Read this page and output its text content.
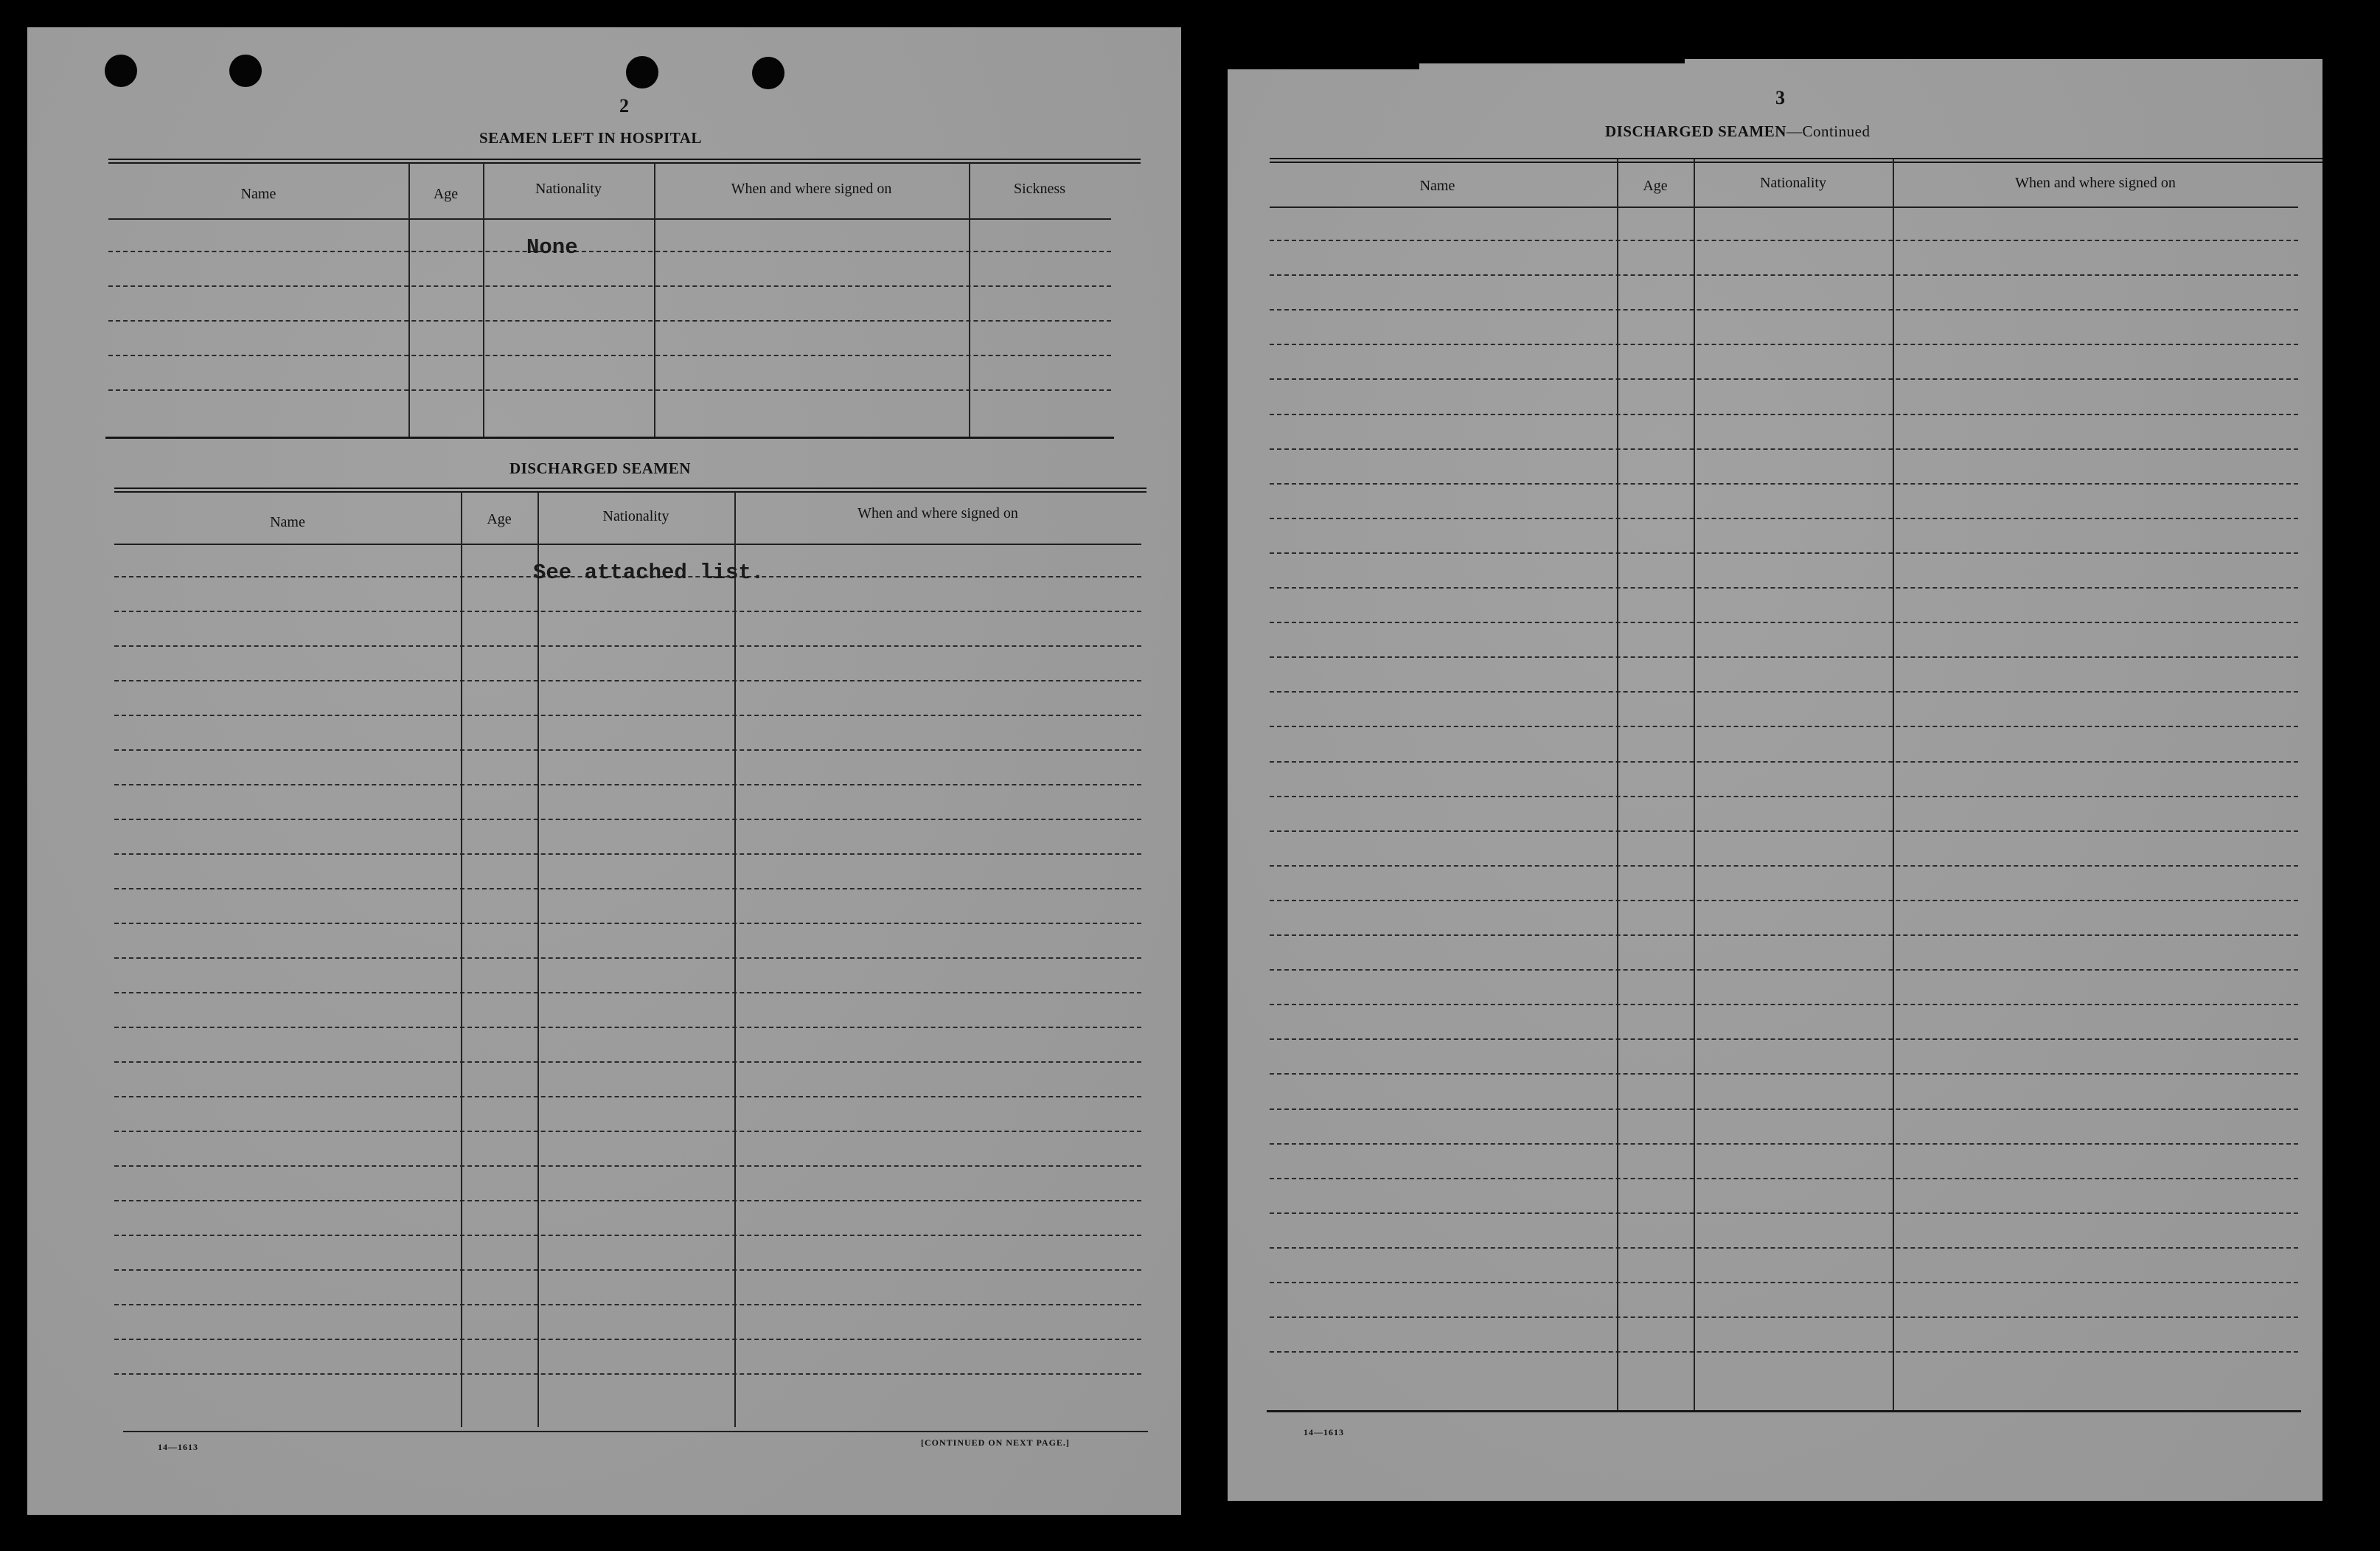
2
SEAMEN LEFT IN HOSPITAL
Name	Age	Nationality	When and where signed on	Sickness
None
DISCHARGED SEAMEN
Name	Age	Nationality	When and where signed on
See attached list.
14—1613	[CONTINUED ON NEXT PAGE.]
3
DISCHARGED SEAMEN—Continued
Name	Age	Nationality	When and where signed on
14—1613
